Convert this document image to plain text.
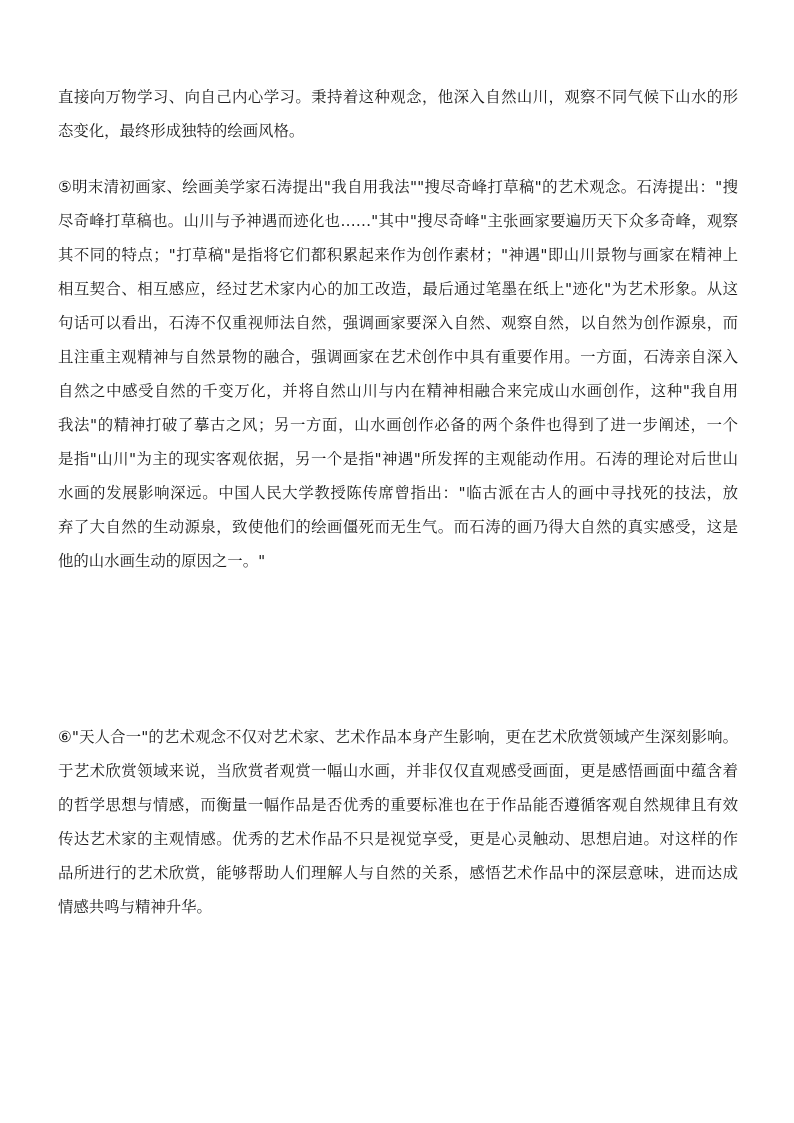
直接向万物学习、向自己内心学习。秉持着这种观念，他深入自然山川，观察不同气候下山水的形
态变化，最终形成独特的绘画风格。
⑤明末清初画家、绘画美学家石涛提出"我自用我法""搜尽奇峰打草稿"的艺术观念。石涛提出："搜
尽奇峰打草稿也。山川与予神遇而迹化也……"其中"搜尽奇峰"主张画家要遍历天下众多奇峰，观察
其不同的特点；"打草稿"是指将它们都积累起来作为创作素材；"神遇"即山川景物与画家在精神上
相互契合、相互感应，经过艺术家内心的加工改造，最后通过笔墨在纸上"迹化"为艺术形象。从这
句话可以看出，石涛不仅重视师法自然，强调画家要深入自然、观察自然，以自然为创作源泉，而
且注重主观精神与自然景物的融合，强调画家在艺术创作中具有重要作用。一方面，石涛亲自深入
自然之中感受自然的千变万化，并将自然山川与内在精神相融合来完成山水画创作，这种"我自用
我法"的精神打破了摹古之风；另一方面，山水画创作必备的两个条件也得到了进一步阐述，一个
是指"山川"为主的现实客观依据，另一个是指"神遇"所发挥的主观能动作用。石涛的理论对后世山
水画的发展影响深远。中国人民大学教授陈传席曾指出："临古派在古人的画中寻找死的技法，放
弃了大自然的生动源泉，致使他们的绘画僵死而无生气。而石涛的画乃得大自然的真实感受，这是
他的山水画生动的原因之一。"
⑥"天人合一"的艺术观念不仅对艺术家、艺术作品本身产生影响，更在艺术欣赏领域产生深刻影响。
于艺术欣赏领域来说，当欣赏者观赏一幅山水画，并非仅仅直观感受画面，更是感悟画面中蕴含着
的哲学思想与情感，而衡量一幅作品是否优秀的重要标准也在于作品能否遵循客观自然规律且有效
传达艺术家的主观情感。优秀的艺术作品不只是视觉享受，更是心灵触动、思想启迪。对这样的作
品所进行的艺术欣赏，能够帮助人们理解人与自然的关系，感悟艺术作品中的深层意味，进而达成
情感共鸣与精神升华。
